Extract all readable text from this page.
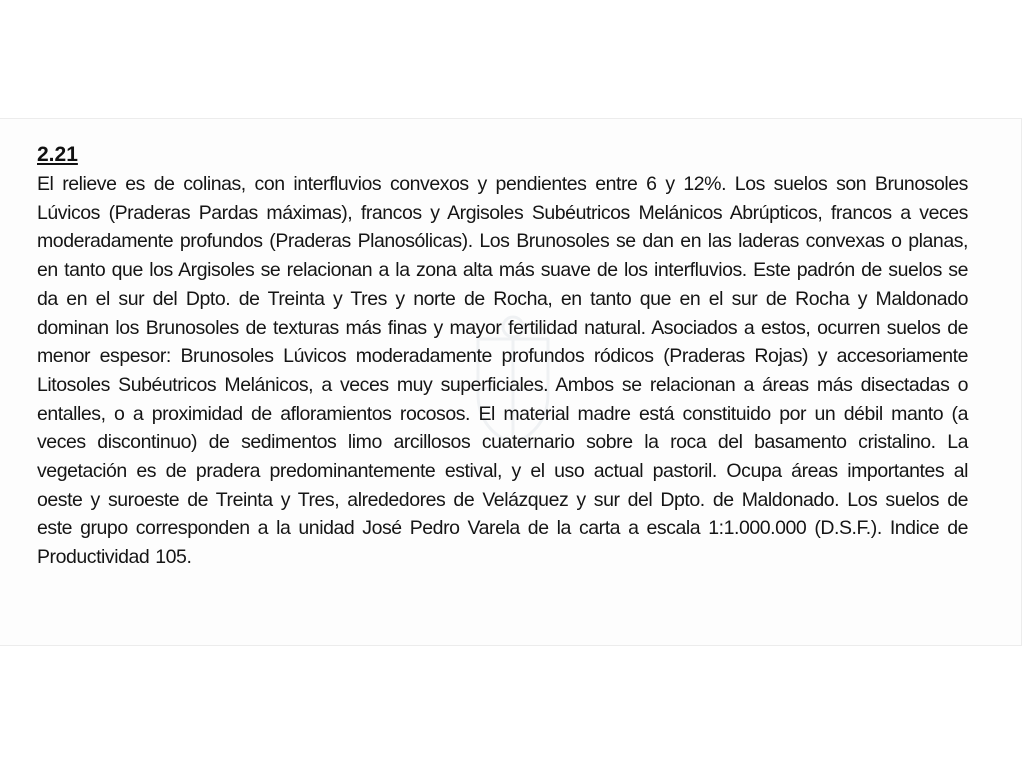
2.21

El relieve es de colinas, con interfluvios convexos y pendientes entre 6 y 12%. Los suelos son Brunosoles Lúvicos (Praderas Pardas máximas), francos y Argisoles Subéutricos Melánicos Abrúpticos, francos a veces moderadamente profundos (Praderas Planosólicas). Los Brunosoles se dan en las laderas convexas o planas, en tanto que los Argisoles se relacionan a la zona alta más suave de los interfluvios. Este padrón de suelos se da en el sur del Dpto. de Treinta y Tres y norte de Rocha, en tanto que en el sur de Rocha y Maldonado dominan los Brunosoles de texturas más finas y mayor fertilidad natural. Asociados a estos, ocurren suelos de menor espesor: Brunosoles Lúvicos moderadamente profundos ródicos (Praderas Rojas) y accesoriamente Litosoles Subéutricos Melánicos, a veces muy superficiales. Ambos se relacionan a áreas más disectadas o entalles, o a proximidad de afloramientos rocosos. El material madre está constituido por un débil manto (a veces discontinuo) de sedimentos limo arcillosos cuaternario sobre la roca del basamento cristalino. La vegetación es de pradera predominantemente estival, y el uso actual pastoril. Ocupa áreas importantes al oeste y suroeste de Treinta y Tres, alrededores de Velázquez y sur del Dpto. de Maldonado. Los suelos de este grupo corresponden a la unidad José Pedro Varela de la carta a escala 1:1.000.000 (D.S.F.). Indice de Productividad 105.
